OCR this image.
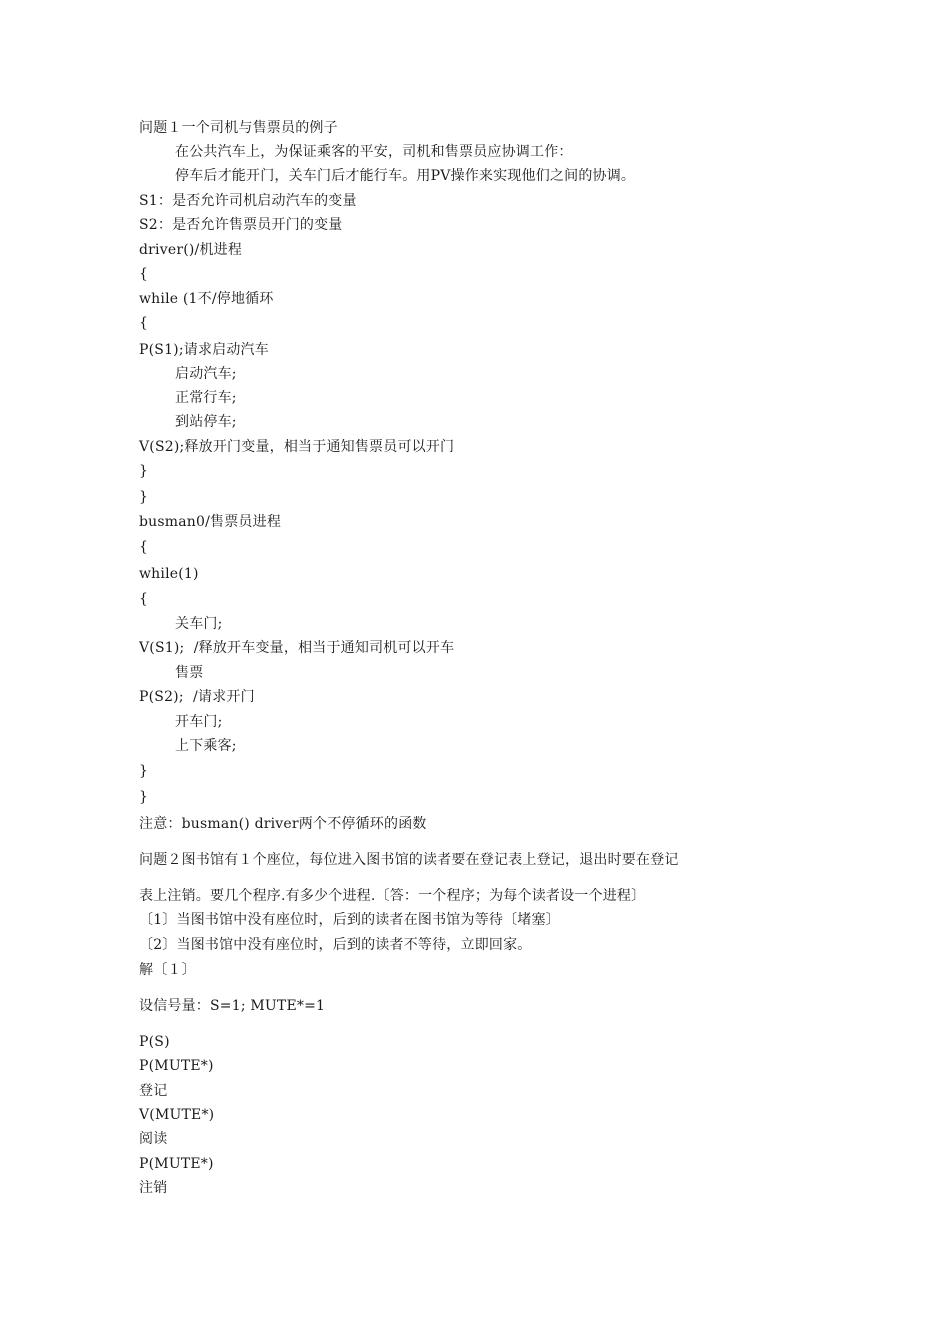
问题１一个司机与售票员的例子
在公共汽车上，为保证乘客的平安，司机和售票员应协调工作：
停车后才能开门，关车门后才能行车。用PV操作来实现他们之间的协调。
S1：是否允许司机启动汽车的变量
S2：是否允许售票员开门的变量
driver()/机进程
{
while (1不/停地循环
{
P(S1);请求启动汽车
启动汽车;
正常行车;
到站停车;
V(S2);释放开门变量，相当于通知售票员可以开门
}
}
busman0/售票员进程
{
while(1)
{
关车门;
V(S1);  /释放开车变量，相当于通知司机可以开车
售票
P(S2);  /请求开门
开车门;
上下乘客;
}
}
注意：busman() driver两个不停循环的函数
问题２图书馆有１个座位，每位进入图书馆的读者要在登记表上登记，退出时要在登记
表上注销。要几个程序.有多少个进程.〔答：一个程序；为每个读者设一个进程〕
〔1〕当图书馆中没有座位时，后到的读者在图书馆为等待〔堵塞〕
〔2〕当图书馆中没有座位时，后到的读者不等待，立即回家。
解〔１〕
设信号量：S=1; MUTE*=1
P(S)
P(MUTE*)
登记
V(MUTE*)
阅读
P(MUTE*)
注销
